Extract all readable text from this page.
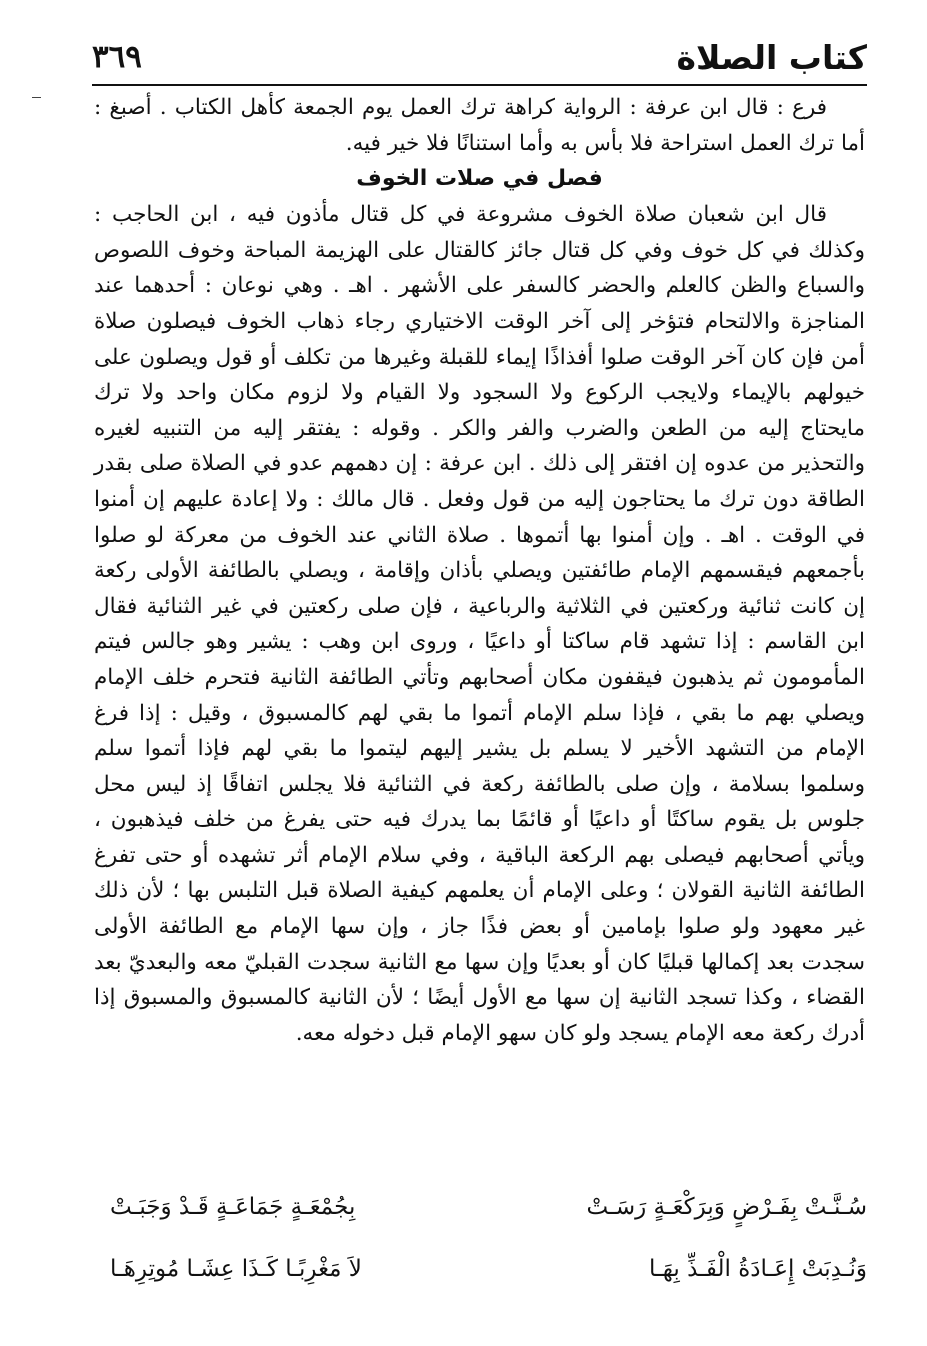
٣٦٩	كتاب الصلاة

فرع : قال ابن عرفة : الرواية كراهة ترك العمل يوم الجمعة كأهل الكتاب . أصبغ : أما ترك العمل استراحة فلا بأس به وأما استنانًا فلا خير فيه.

فصل في صلات الخوف

قال ابن شعبان صلاة الخوف مشروعة في كل قتال مأذون فيه ، ابن الحاجب : وكذلك في كل خوف وفي كل قتال جائز كالقتال على الهزيمة المباحة وخوف اللصوص والسباع والظن كالعلم والحضر كالسفر على الأشهر . اهـ . وهي نوعان : أحدهما عند المناجزة والالتحام فتؤخر إلى آخر الوقت الاختياري رجاء ذهاب الخوف فيصلون صلاة أمن فإن كان آخر الوقت صلوا أفذاذًا إيماء للقبلة وغيرها من تكلف أو قول ويصلون على خيولهم بالإيماء ولايجب الركوع ولا السجود ولا القيام ولا لزوم مكان واحد ولا ترك مايحتاج إليه من الطعن والضرب والفر والكر . وقوله : يفتقر إليه من التنبيه لغيره والتحذير من عدوه إن افتقر إلى ذلك . ابن عرفة : إن دهمهم عدو في الصلاة صلى بقدر الطاقة دون ترك ما يحتاجون إليه من قول وفعل . قال مالك : ولا إعادة عليهم إن أمنوا في الوقت . اهـ . وإن أمنوا بها أتموها . صلاة الثاني عند الخوف من معركة لو صلوا بأجمعهم فيقسمهم الإمام طائفتين ويصلي بأذان وإقامة ، ويصلي بالطائفة الأولى ركعة إن كانت ثنائية وركعتين في الثلاثية والرباعية ، فإن صلى ركعتين في غير الثنائية فقال ابن القاسم : إذا تشهد قام ساكتا أو داعيًا ، وروى ابن وهب : يشير وهو جالس فيتم المأمومون ثم يذهبون فيقفون مكان أصحابهم وتأتي الطائفة الثانية فتحرم خلف الإمام ويصلي بهم ما بقي ، فإذا سلم الإمام أتموا ما بقي لهم كالمسبوق ، وقيل : إذا فرغ الإمام من التشهد الأخير لا يسلم بل يشير إليهم ليتموا ما بقي لهم فإذا أتموا سلم وسلموا بسلامة ، وإن صلى بالطائفة ركعة في الثنائية فلا يجلس اتفاقًا إذ ليس محل جلوس بل يقوم ساكتًا أو داعيًا أو قائمًا بما يدرك فيه حتى يفرغ من خلف فيذهبون ، ويأتي أصحابهم فيصلى بهم الركعة الباقية ، وفي سلام الإمام أثر تشهده أو حتى تفرغ الطائفة الثانية القولان ؛ وعلى الإمام أن يعلمهم كيفية الصلاة قبل التلبس بها ؛ لأن ذلك غير معهود ولو صلوا بإمامين أو بعض فذًا جاز ، وإن سها الإمام مع الطائفة الأولى سجدت بعد إكمالها قبليًا كان أو بعديًا وإن سها مع الثانية سجدت القبليّ معه والبعديّ بعد القضاء ، وكذا تسجد الثانية إن سها مع الأول أيضًا ؛ لأن الثانية كالمسبوق والمسبوق إذا أدرك ركعة معه الإمام يسجد ولو كان سهو الإمام قبل دخوله معه.

سُـنَّـتْ بِفَـرْضٍ وَبِرَكْعَـةٍ رَسَـتْ
بِجُمْعَـةٍ جَمَاعَـةٍ قَـدْ وَجَبَـتْ
وَنُـدِبَتْ إِعَـادَةُ الْفَـذِّ بِهَـا
لاَ مَغْرِبًـا كَـذَا عِشَـا مُوتِرِهَـا
